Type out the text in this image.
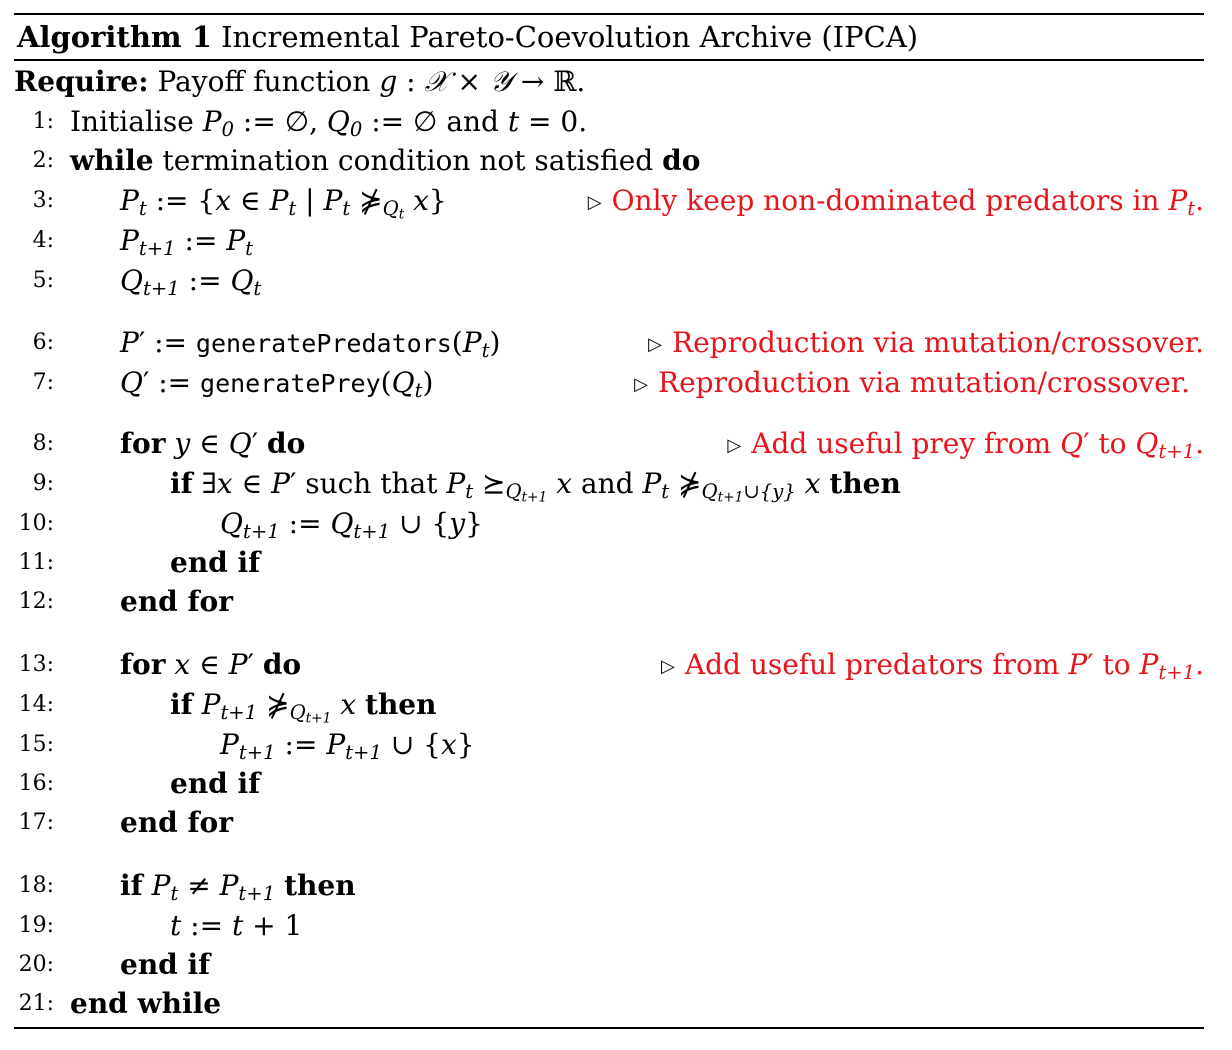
Algorithm 1 Incremental Pareto-Coevolution Archive (IPCA)
Require: Payoff function g : 𝒳 × 𝒴 → ℝ.
1: Initialise $P_0$ := ∅, $Q_0$ := ∅ and t = 0.
2: while termination condition not satisfied do
3: $P_t$ := {x ∈ $P_t$ | $P_t$ $⋡_{Q_t}$ x}	▷ Only keep non-dominated predators in $P_t$.
4: $P_{t+1}$ := $P_t$
5: $Q_{t+1}$ := $Q_t$
6: P′ := $generatePredators(P_t)$	▷ Reproduction via mutation/crossover.
7: Q′ := $generatePrey(Q_t)$	▷ Reproduction via mutation/crossover.
8: for y ∈ Q′ do	▷ Add useful prey from Q′ to $Q_{t+1}$.
9:	if ∃x ∈ P′ such that $P_t$ $⪰_{Q_{t+1}}$ x and $P_t$ $⋡_{Q_{t+1}\cup\{y\}}$ x then
10:	$Q_{t+1}$ := $Q_{t+1}$ ∪ {y}
11:	end if
12: end for
13: for x ∈ P′ do	▷ Add useful predators from P′ to $P_{t+1}$.
14:	if $P_{t+1}$ $⋡_{Q_{t+1}}$ x then
15:	$P_{t+1}$ := $P_{t+1}$ ∪ {x}
16:	end if
17: end for
18: if $P_t \ne P_{t+1}$ then
19:	t := t + 1
20: end if
21: end while
